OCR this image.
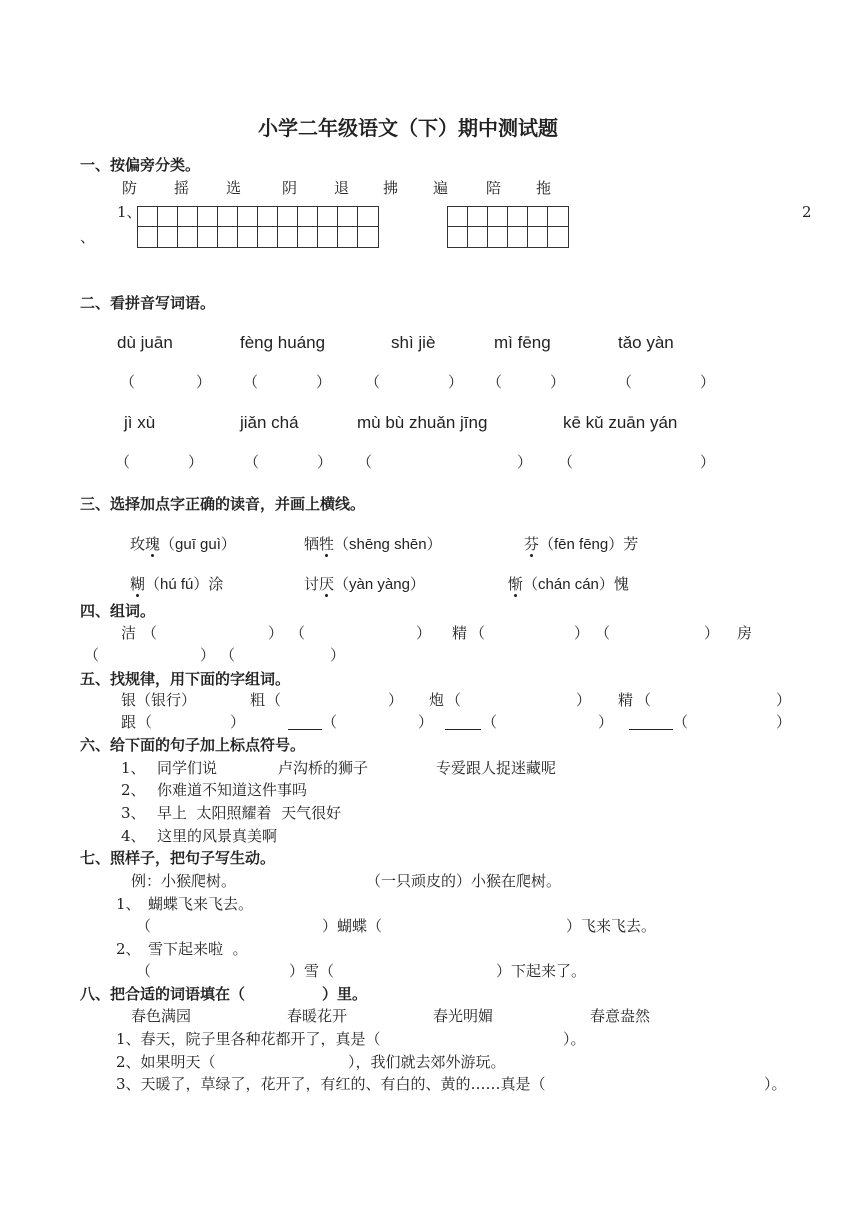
小学二年级语文（下）期中测试题
一、按偏旁分类。
防 摇 选	阴 退 拂 遍	陪 拖
1、
、
2
二、看拼音写词语。
dù juān	fèng huáng	shì jiè	mì fēng	tǎo yàn
（	） （	） （	） （	）	（	）
jì xù	jiǎn chá	mù bù zhuǎn jīng	kē kǔ zuān yán
（	）	（	） （	） （	）
三、选择加点字正确的读音，并画上横线。
玫瑰（guī guì）	牺牲（shēng shēn）	芬（fēn fēng）芳
糊（hú fú）涂	讨厌（yàn yàng）	惭（chán cán）愧
四、组词。
洁 （	） （	） 精 （	） （	） 房
（	） （	）
五、找规律，用下面的字组词。
银（银行）	粗 （	） 炮 （	） 精 （	）
跟 （	）	（	）	（	）	（	）
六、给下面的句子加上标点符号。
1、 同学们说	卢沟桥的狮子	专爱跟人捉迷藏呢
2、 你难道不知道这件事吗
3、 早上  太阳照耀着  天气很好
4、 这里的风景真美啊
七、照样子，把句子写生动。
例：小猴爬树。	（一只顽皮的）小猴在爬树。
1、 蝴蝶飞来飞去。
（	）蝴蝶（	）飞来飞去。
2、 雪下起来啦  。
（	）雪（	）下起来了。
八、把合适的词语填在（	）里。
春色满园	春暖花开	春光明媚	春意盎然
1、春天，院子里各种花都开了，真是（	）。
2、如果明天（	），我们就去郊外游玩。
3、天暖了，草绿了，花开了，有红的、有白的、黄的……真是（	）。
